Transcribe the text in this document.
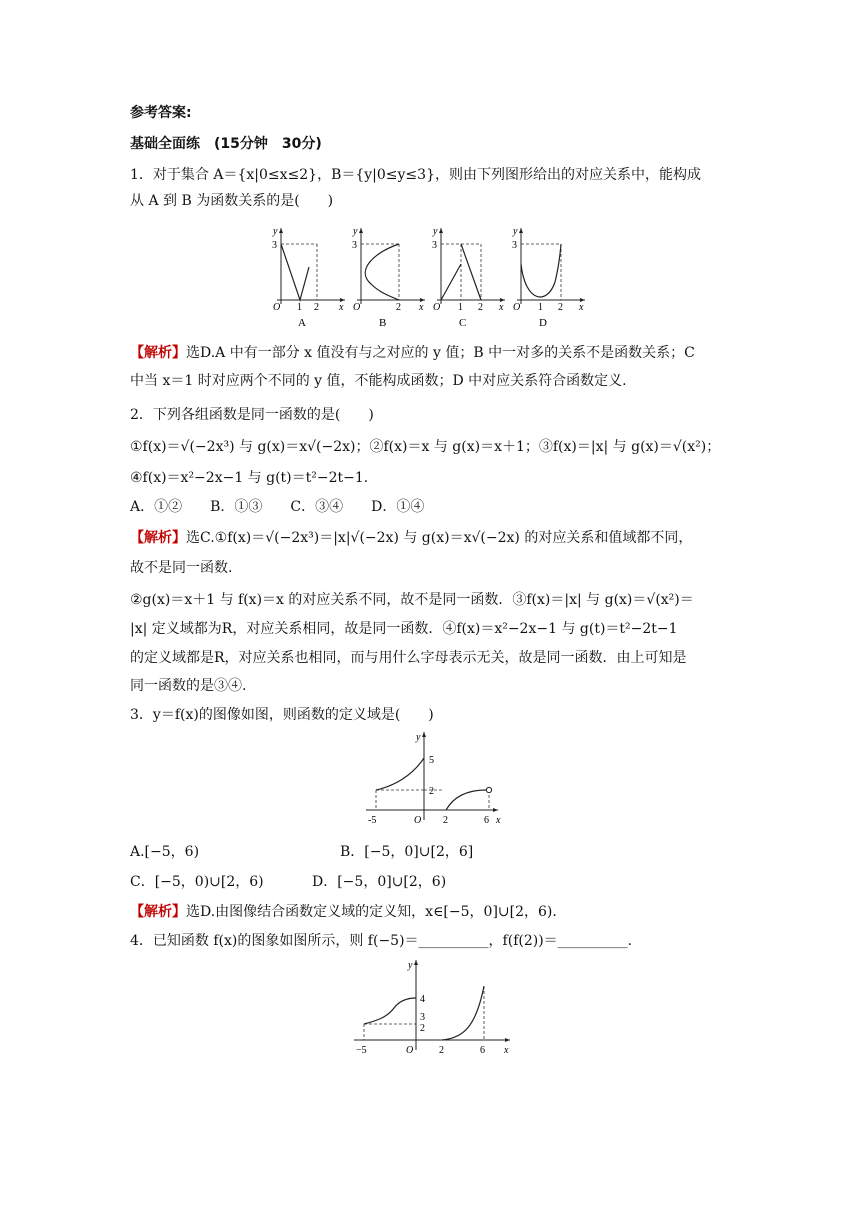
参考答案:
基础全面练　(15分钟　30分)
1．对于集合 A＝{x|0≤x≤2}，B＝{y|0≤y≤3}，则由下列图形给出的对应关系中，能构成
从 A 到 B 为函数关系的是(　　)
y
3
O 1 2 x
A
y
3
O	2 x
B
y
3
O 1 2 x
C
y
3
O 1 2 x
D
【解析】选D.A 中有一部分 x 值没有与之对应的 y 值；B 中一对多的关系不是函数关系；C
中当 x＝1 时对应两个不同的 y 值，不能构成函数；D 中对应关系符合函数定义.
2．下列各组函数是同一函数的是(　　)
①f(x)＝√(−2x³) 与 g(x)＝x√(−2x)；②f(x)＝x 与 g(x)＝x＋1；③f(x)＝|x| 与 g(x)＝√(x²)；
④f(x)＝x²−2x−1 与 g(t)＝t²−2t−1.
A．①②　　B．①③　　C．③④　　D．①④
【解析】选C.①f(x)＝√(−2x³)＝|x|√(−2x) 与 g(x)＝x√(−2x) 的对应关系和值域都不同，
故不是同一函数.
②g(x)＝x＋1 与 f(x)＝x 的对应关系不同，故不是同一函数．③f(x)＝|x| 与 g(x)＝√(x²)＝
|x| 定义域都为R，对应关系相同，故是同一函数．④f(x)＝x²−2x−1 与 g(t)＝t²−2t−1
的定义域都是R，对应关系也相同，而与用什么字母表示无关，故是同一函数．由上可知是
同一函数的是③④.
3．y＝f(x)的图像如图，则函数的定义域是(　　)
y
5
2
-5	O 2	6 x
A.[−5，6)	B．[−5，0]∪[2，6]
C．[−5，0)∪[2，6)	D．[−5，0]∪[2，6)
【解析】选D.由图像结合函数定义域的定义知，x∈[−5，0]∪[2，6).
4．已知函数 f(x)的图象如图所示，则 f(−5)＝__________，f(f(2))＝__________.
y
4
3
2
−5	O	2	6 x
